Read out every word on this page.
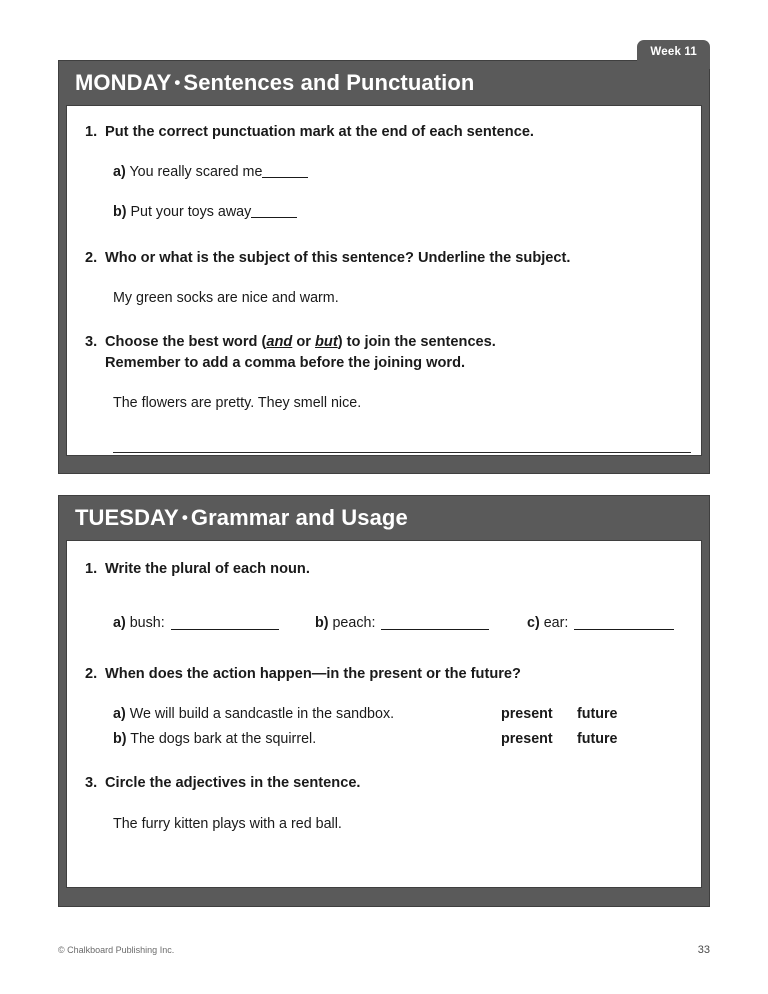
Week 11
MONDAY • Sentences and Punctuation
1. Put the correct punctuation mark at the end of each sentence.
a) You really scared me
b) Put your toys away
2. Who or what is the subject of this sentence? Underline the subject.
My green socks are nice and warm.
3. Choose the best word (and or but) to join the sentences.
Remember to add a comma before the joining word.
The flowers are pretty. They smell nice.
TUESDAY • Grammar and Usage
1. Write the plural of each noun.
a) bush:	b) peach:	c) ear:
2. When does the action happen—in the present or the future?
a) We will build a sandcastle in the sandbox.	present	future
b) The dogs bark at the squirrel.	present	future
3. Circle the adjectives in the sentence.
The furry kitten plays with a red ball.
© Chalkboard Publishing Inc.	33
